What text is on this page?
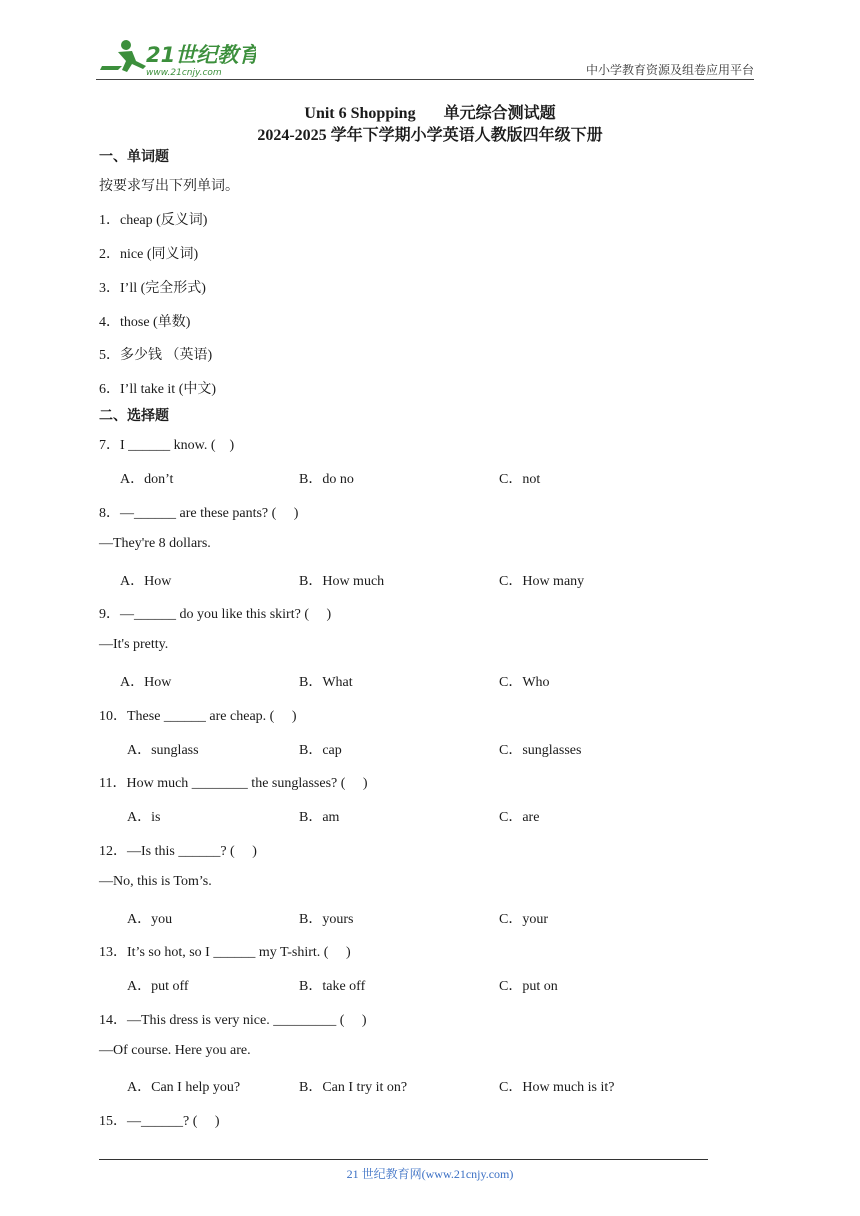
21世纪教育
www.21cnjy.com	中小学教育资源及组卷应用平台
Unit 6 Shopping 单元综合测试题
2024-2025 学年下学期小学英语人教版四年级下册
一、单词题
按要求写出下列单词。
1．cheap (反义词)
2．nice (同义词)
3．I’ll (完全形式)
4．those (单数)
5．多少钱 （英语)
6．I’ll take it (中文)
二、选择题
7．I ______ know. (    )

A．don’t

	B．do no

	C．not

8．—______ are these pants? (     )
—They're 8 dollars.

A．How

	B．How much

	C．How many

9．—______ do you like this skirt? (     )
—It's pretty.

A．How

	B．What

	C．Who

10．These ______ are cheap. (     )

A．sunglass

	B．cap

	C．sunglasses

11．How much ________ the sunglasses? (     )

A．is

	B．am

	C．are

12．—Is this ______? (     )
—No, this is Tom’s.

A．you

	B．yours

	C．your

13．It’s so hot, so I ______ my T-shirt. (     )

A．put off

	B．take off

	C．put on

14．—This dress is very nice. _________ (     )
—Of course. Here you are.

A．Can I help you?

	B．Can I try it on?

	C．How much is it?

15．—______? (     )
21 世纪教育网(www.21cnjy.com)
